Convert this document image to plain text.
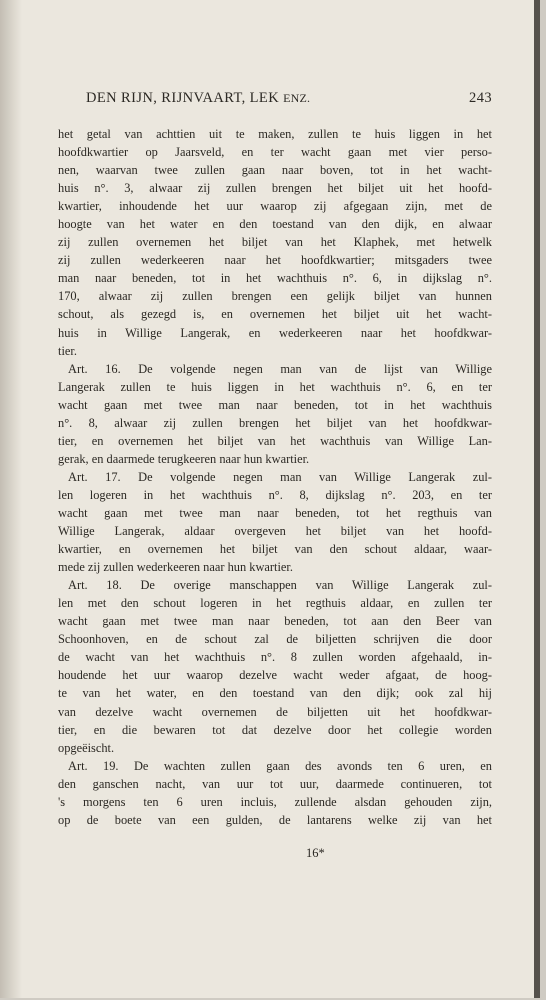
DEN RIJN, RIJNVAART, LEK ENZ.	243
het getal van achttien uit te maken, zullen te huis liggen in het
hoofdkwartier op Jaarsveld, en ter wacht gaan met vier perso-
nen, waarvan twee zullen gaan naar boven, tot in het wacht-
huis n°. 3, alwaar zij zullen brengen het biljet uit het hoofd-
kwartier, inhoudende het uur waarop zij afgegaan zijn, met de
hoogte van het water en den toestand van den dijk, en alwaar
zij zullen overnemen het biljet van het Klaphek, met hetwelk
zij zullen wederkeeren naar het hoofdkwartier; mitsgaders twee
man naar beneden, tot in het wachthuis n°. 6, in dijkslag n°.
170, alwaar zij zullen brengen een gelijk biljet van hunnen
schout, als gezegd is, en overnemen het biljet uit het wacht-
huis in Willige Langerak, en wederkeeren naar het hoofdkwar-
tier.
Art. 16. De volgende negen man van de lijst van Willige
Langerak zullen te huis liggen in het wachthuis n°. 6, en ter
wacht gaan met twee man naar beneden, tot in het wachthuis
n°. 8, alwaar zij zullen brengen het biljet van het hoofdkwar-
tier, en overnemen het biljet van het wachthuis van Willige Lan-
gerak, en daarmede terugkeeren naar hun kwartier.
Art. 17. De volgende negen man van Willige Langerak zul-
len logeren in het wachthuis n°. 8, dijkslag n°. 203, en ter
wacht gaan met twee man naar beneden, tot het regthuis van
Willige Langerak, aldaar overgeven het biljet van het hoofd-
kwartier, en overnemen het biljet van den schout aldaar, waar-
mede zij zullen wederkeeren naar hun kwartier.
Art. 18. De overige manschappen van Willige Langerak zul-
len met den schout logeren in het regthuis aldaar, en zullen ter
wacht gaan met twee man naar beneden, tot aan den Beer van
Schoonhoven, en de schout zal de biljetten schrijven die door
de wacht van het wachthuis n°. 8 zullen worden afgehaald, in-
houdende het uur waarop dezelve wacht weder afgaat, de hoog-
te van het water, en den toestand van den dijk; ook zal hij
van dezelve wacht overnemen de biljetten uit het hoofdkwar-
tier, en die bewaren tot dat dezelve door het collegie worden
opgeëischt.
Art. 19. De wachten zullen gaan des avonds ten 6 uren, en
den ganschen nacht, van uur tot uur, daarmede continueren, tot
's morgens ten 6 uren incluis, zullende alsdan gehouden zijn,
op de boete van een gulden, de lantarens welke zij van het
16*
